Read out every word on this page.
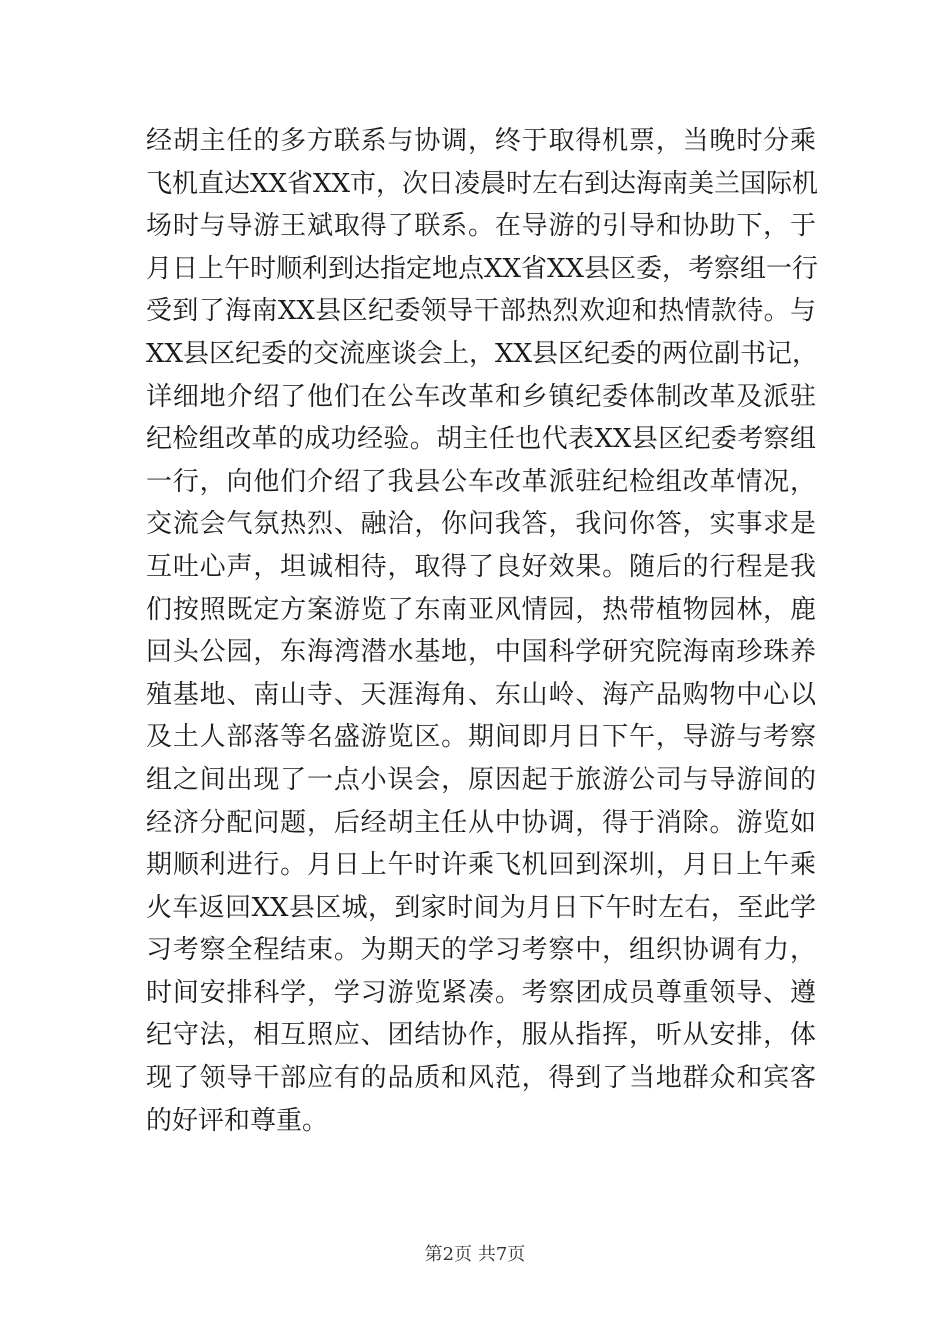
经胡主任的多方联系与协调，终于取得机票，当晚时分乘
飞机直达XX省XX市，次日凌晨时左右到达海南美兰国际机
场时与导游王斌取得了联系。在导游的引导和协助下，于
月日上午时顺利到达指定地点XX省XX县区委，考察组一行
受到了海南XX县区纪委领导干部热烈欢迎和热情款待。与
XX县区纪委的交流座谈会上，XX县区纪委的两位副书记，
详细地介绍了他们在公车改革和乡镇纪委体制改革及派驻
纪检组改革的成功经验。胡主任也代表XX县区纪委考察组
一行，向他们介绍了我县公车改革派驻纪检组改革情况，
交流会气氛热烈、融洽，你问我答，我问你答，实事求是
互吐心声，坦诚相待，取得了良好效果。随后的行程是我
们按照既定方案游览了东南亚风情园，热带植物园林，鹿
回头公园，东海湾潜水基地，中国科学研究院海南珍珠养
殖基地、南山寺、天涯海角、东山岭、海产品购物中心以
及土人部落等名盛游览区。期间即月日下午，导游与考察
组之间出现了一点小误会，原因起于旅游公司与导游间的
经济分配问题，后经胡主任从中协调，得于消除。游览如
期顺利进行。月日上午时许乘飞机回到深圳，月日上午乘
火车返回XX县区城，到家时间为月日下午时左右，至此学
习考察全程结束。为期天的学习考察中，组织协调有力，
时间安排科学，学习游览紧凑。考察团成员尊重领导、遵
纪守法，相互照应、团结协作，服从指挥，听从安排，体
现了领导干部应有的品质和风范，得到了当地群众和宾客
的好评和尊重。
第2页 共7页
